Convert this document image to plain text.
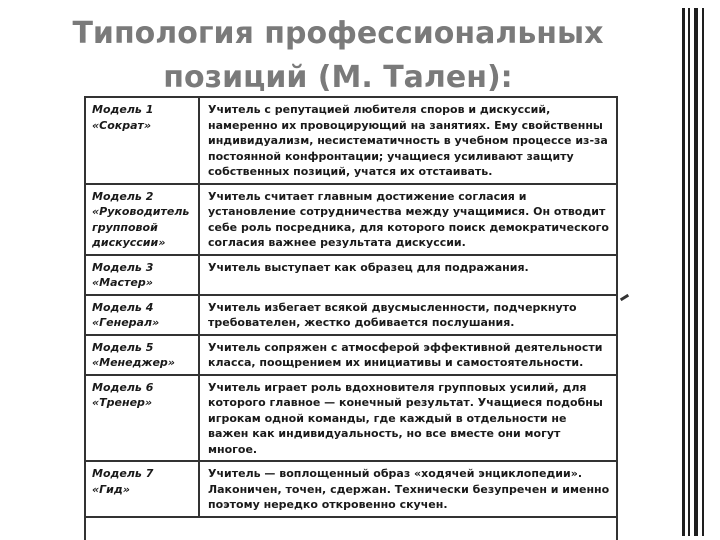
Типология профессиональных
позиций (М. Тален):
Модель 1
«Сократ»	Учитель с репутацией любителя споров и дискуссий, намеренно их провоцирующий на занятиях. Ему свойственны индивидуализм, несистематичность в учебном процессе из-за постоянной конфронтации; учащиеся усиливают защиту собственных позиций, учатся их отстаивать.

Модель 2
«Руководитель групповой дискуссии»	Учитель считает главным достижение согласия и установление сотрудничества между учащимися. Он отводит себе роль посредника, для которого поиск демократического согласия важнее результата дискуссии.

Модель 3
«Мастер»	Учитель выступает как образец для подражания.

Модель 4
«Генерал»	Учитель избегает всякой двусмысленности, подчеркнуто требователен, жестко добивается послушания.

Модель 5
«Менеджер»	Учитель сопряжен с атмосферой эффективной деятельности класса, поощрением их инициативы и самостоятельности.

Модель 6
«Тренер»	Учитель играет роль вдохновителя групповых усилий, для которого главное — конечный результат. Учащиеся подобны игрокам одной команды, где каждый в отдельности не важен как индивидуальность, но все вместе они могут многое.

Модель 7
«Гид»	Учитель — воплощенный образ «ходячей энциклопедии». Лаконичен, точен, сдержан. Технически безупречен и именно поэтому нередко откровенно скучен.
